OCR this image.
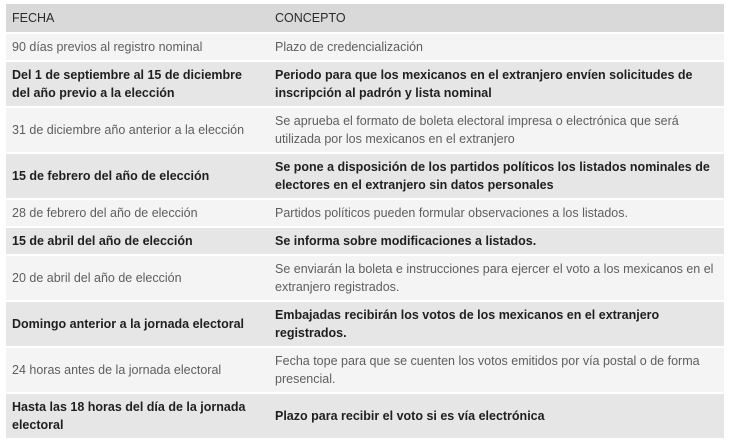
FECHA	CONCEPTO
90 días previos al registro nominal	Plazo de credencialización
Del 1 de septiembre al 15 de diciembre del año previo a la elección	Periodo para que los mexicanos en el extranjero envíen solicitudes de inscripción al padrón y lista nominal
31 de diciembre año anterior a la elección	Se aprueba el formato de boleta electoral impresa o electrónica que será utilizada por los mexicanos en el extranjero
15 de febrero del año de elección	Se pone a disposición de los partidos políticos los listados nominales de electores en el extranjero sin datos personales
28 de febrero del año de elección	Partidos políticos pueden formular observaciones a los listados.
15 de abril del año de elección	Se informa sobre modificaciones a listados.
20 de abril del año de elección	Se enviarán la boleta e instrucciones para ejercer el voto a los mexicanos en el extranjero registrados.
Domingo anterior a la jornada electoral	Embajadas recibirán los votos de los mexicanos en el extranjero registrados.
24 horas antes de la jornada electoral	Fecha tope para que se cuenten los votos emitidos por vía postal o de forma presencial.
Hasta las 18 horas del día de la jornada electoral	Plazo para recibir el voto si es vía electrónica
